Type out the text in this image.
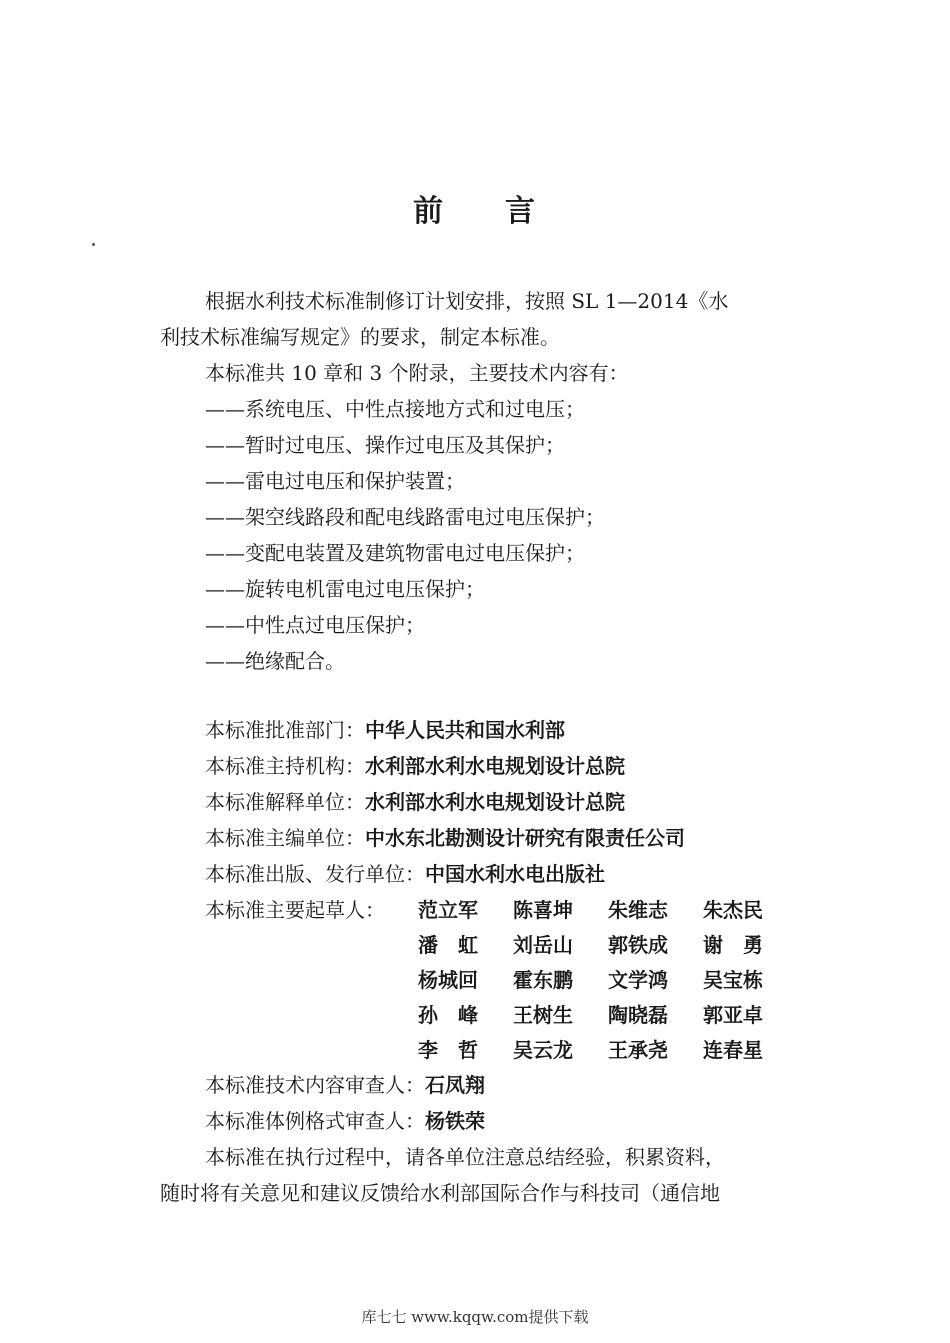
前 言
根据水利技术标准制修订计划安排，按照 SL 1—2014《水
利技术标准编写规定》的要求，制定本标准。
本标准共 10 章和 3 个附录，主要技术内容有：
——系统电压、中性点接地方式和过电压；
——暂时过电压、操作过电压及其保护；
——雷电过电压和保护装置；
——架空线路段和配电线路雷电过电压保护；
——变配电装置及建筑物雷电过电压保护；
——旋转电机雷电过电压保护；
——中性点过电压保护；
——绝缘配合。
本标准批准部门：中华人民共和国水利部
本标准主持机构：水利部水利水电规划设计总院
本标准解释单位：水利部水利水电规划设计总院
本标准主编单位：中水东北勘测设计研究有限责任公司
本标准出版、发行单位：中国水利水电出版社
本标准主要起草人： 范立军 陈喜坤 朱维志 朱杰民
潘　虹 刘岳山 郭铁成 谢　勇
杨城回 霍东鹏 文学鸿 吴宝栋
孙　峰 王树生 陶晓磊 郭亚卓
李　哲 吴云龙 王承尧 连春星
本标准技术内容审查人：石凤翔
本标准体例格式审查人：杨铁荣
本标准在执行过程中，请各单位注意总结经验，积累资料，
随时将有关意见和建议反馈给水利部国际合作与科技司（通信地
库七七 www.kqqw.com提供下载
